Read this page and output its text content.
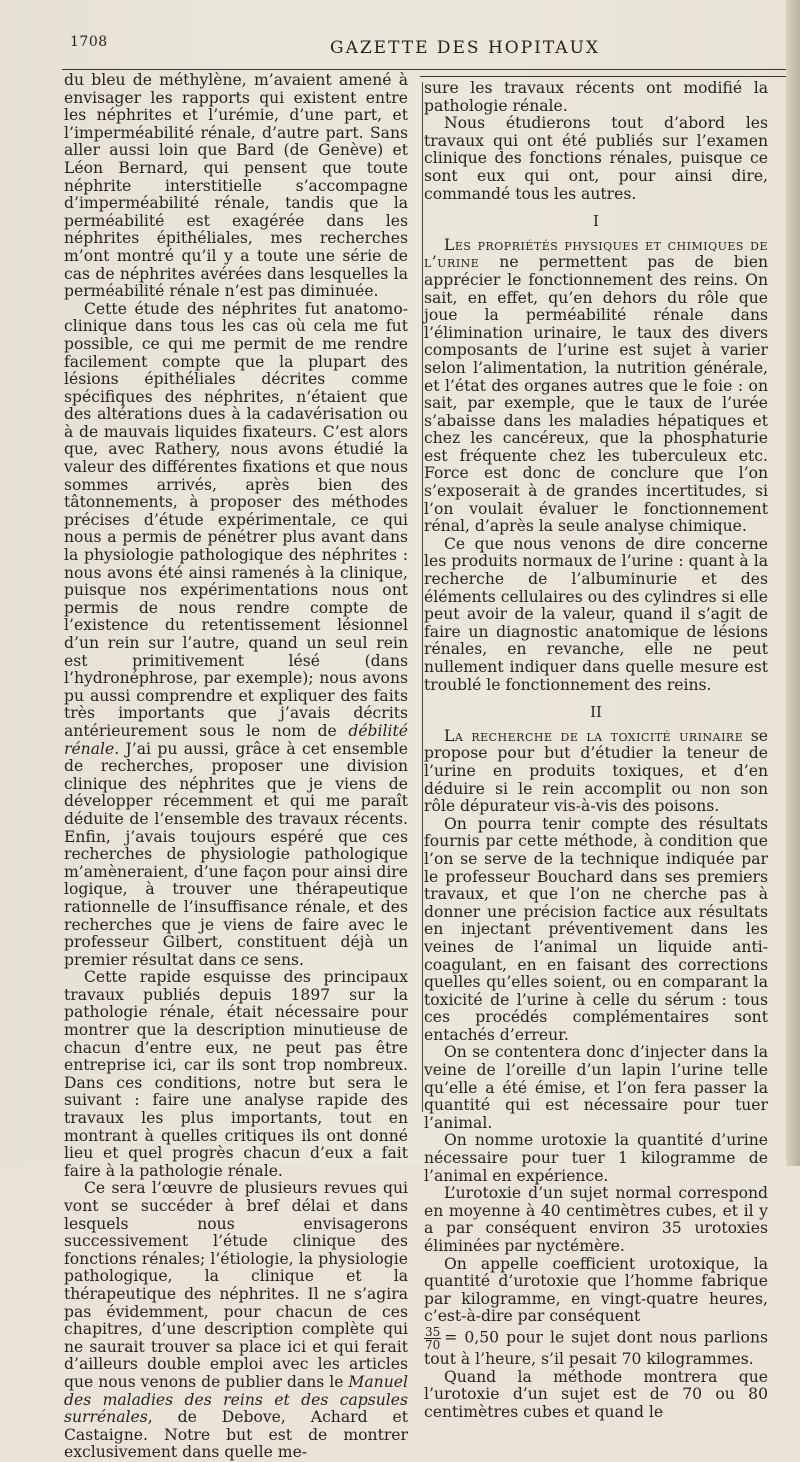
1708	GAZETTE DES HOPITAUX

du bleu de méthylène, m’avaient amené à envisager les rapports qui existent entre les néphrites et l’urémie, d’une part, et l’imperméabilité rénale, d’autre part. Sans aller aussi loin que Bard (de Genève) et Léon Bernard, qui pensent que toute néphrite interstitielle s’accompagne d’imperméabilité rénale, tandis que la perméabilité est exagérée dans les néphrites épithéliales, mes recherches m’ont montré qu’il y a toute une série de cas de néphrites avérées dans lesquelles la perméabilité rénale n’est pas diminuée.

Cette étude des néphrites fut anatomo-clinique dans tous les cas où cela me fut possible, ce qui me permit de me rendre facilement compte que la plupart des lésions épithéliales décrites comme spécifiques des néphrites, n’étaient que des altérations dues à la cadavérisation ou à de mauvais liquides fixateurs. C’est alors que, avec Rathery, nous avons étudié la valeur des différentes fixations et que nous sommes arrivés, après bien des tâtonnements, à proposer des méthodes précises d’étude expérimentale, ce qui nous a permis de pénétrer plus avant dans la physiologie pathologique des néphrites : nous avons été ainsi ramenés à la clinique, puisque nos expérimentations nous ont permis de nous rendre compte de l’existence du retentissement lésionnel d’un rein sur l’autre, quand un seul rein est primitivement lésé (dans l’hydronéphrose, par exemple); nous avons pu aussi comprendre et expliquer des faits très importants que j’avais décrits antérieurement sous le nom de débilité rénale. J’ai pu aussi, grâce à cet ensemble de recherches, proposer une division clinique des néphrites que je viens de développer récemment et qui me paraît déduite de l’ensemble des travaux récents. Enfin, j’avais toujours espéré que ces recherches de physiologie pathologique m’amèneraient, d’une façon pour ainsi dire logique, à trouver une thérapeutique rationnelle de l’insuffisance rénale, et des recherches que je viens de faire avec le professeur Gilbert, constituent déjà un premier résultat dans ce sens.

Cette rapide esquisse des principaux travaux publiés depuis 1897 sur la pathologie rénale, était nécessaire pour montrer que la description minutieuse de chacun d’entre eux, ne peut pas être entreprise ici, car ils sont trop nombreux. Dans ces conditions, notre but sera le suivant : faire une analyse rapide des travaux les plus importants, tout en montrant à quelles critiques ils ont donné lieu et quel progrès chacun d’eux a fait faire à la pathologie rénale.

Ce sera l’œuvre de plusieurs revues qui vont se succéder à bref délai et dans lesquels nous envisagerons successivement l’étude clinique des fonctions rénales; l’étiologie, la physiologie pathologique, la clinique et la thérapeutique des néphrites. Il ne s’agira pas évidemment, pour chacun de ces chapitres, d’une description complète qui ne saurait trouver sa place ici et qui ferait d’ailleurs double emploi avec les articles que nous venons de publier dans le Manuel des maladies des reins et des capsules surrénales, de Debove, Achard et Castaigne. Notre but est de montrer exclusivement dans quelle me-

sure les travaux récents ont modifié la pathologie rénale.

Nous étudierons tout d’abord les travaux qui ont été publiés sur l’examen clinique des fonctions rénales, puisque ce sont eux qui ont, pour ainsi dire, commandé tous les autres.

I

Les propriétés physiques et chimiques de l’urine ne permettent pas de bien apprécier le fonctionnement des reins. On sait, en effet, qu’en dehors du rôle que joue la perméabilité rénale dans l’élimination urinaire, le taux des divers composants de l’urine est sujet à varier selon l’alimentation, la nutrition générale, et l’état des organes autres que le foie : on sait, par exemple, que le taux de l’urée s’abaisse dans les maladies hépatiques et chez les cancéreux, que la phosphaturie est fréquente chez les tuberculeux etc. Force est donc de conclure que l’on s’exposerait à de grandes incertitudes, si l’on voulait évaluer le fonctionnement rénal, d’après la seule analyse chimique.

Ce que nous venons de dire concerne les produits normaux de l’urine : quant à la recherche de l’albuminurie et des éléments cellulaires ou des cylindres si elle peut avoir de la valeur, quand il s’agit de faire un diagnostic anatomique de lésions rénales, en revanche, elle ne peut nullement indiquer dans quelle mesure est troublé le fonctionnement des reins.

II

La recherche de la toxicité urinaire se propose pour but d’étudier la teneur de l’urine en produits toxiques, et d’en déduire si le rein accomplit ou non son rôle dépurateur vis-à-vis des poisons.

On pourra tenir compte des résultats fournis par cette méthode, à condition que l’on se serve de la technique indiquée par le professeur Bouchard dans ses premiers travaux, et que l’on ne cherche pas à donner une précision factice aux résultats en injectant préventivement dans les veines de l’animal un liquide anti-coagulant, en en faisant des corrections quelles qu’elles soient, ou en comparant la toxicité de l’urine à celle du sérum : tous ces procédés complémentaires sont entachés d’erreur.

On se contentera donc d’injecter dans la veine de l’oreille d’un lapin l’urine telle qu’elle a été émise, et l’on fera passer la quantité qui est nécessaire pour tuer l’animal.

On nomme urotoxie la quantité d’urine nécessaire pour tuer 1 kilogramme de l’animal en expérience.

L’urotoxie d’un sujet normal correspond en moyenne à 40 centimètres cubes, et il y a par conséquent environ 35 urotoxies éliminées par nyctémère.

On appelle coefficient urotoxique, la quantité d’urotoxie que l’homme fabrique par kilogramme, en vingt-quatre heures, c’est-à-dire par conséquent

$\frac{35}{70} = 0,50$ pour le sujet dont nous parlions tout à l’heure, s’il pesait 70 kilogrammes.

Quand la méthode montrera que l’urotoxie d’un sujet est de 70 ou 80 centimètres cubes et quand le
